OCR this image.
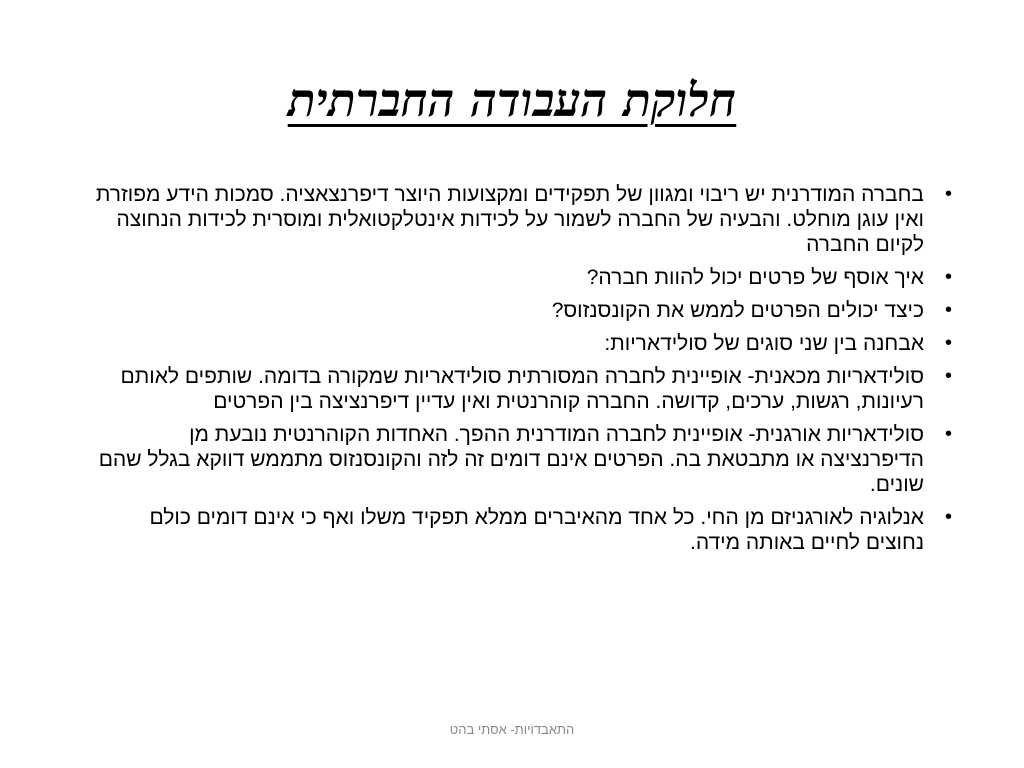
חלוקת העבודה החברתית
•
בחברה המודרנית יש ריבוי ומגוון של תפקידים ומקצועות היוצר דיפרנצאציה. סמכות הידע מפוזרת ואין עוגן מוחלט. והבעיה של החברה לשמור על לכידות אינטלקטואלית ומוסרית לכידות הנחוצה לקיום החברה
•
איך אוסף של פרטים יכול להוות חברה?
•
כיצד יכולים הפרטים לממש את הקונסנזוס?
•
אבחנה בין שני סוגים של סולידאריות:
•
סולידאריות מכאנית- אופיינית לחברה המסורתית סולידאריות שמקורה בדומה. שותפים לאותם רעיונות, רגשות, ערכים, קדושה. החברה קוהרנטית ואין עדיין דיפרנציצה בין הפרטים
•
סולידאריות אורגנית- אופיינית לחברה המודרנית ההפך. האחדות הקוהרנטית נובעת מן הדיפרנציצה או מתבטאת בה. הפרטים אינם דומים זה לזה והקונסנזוס מתממש דווקא בגלל שהם שונים.
•
אנלוגיה לאורגניזם מן החי. כל אחד מהאיברים ממלא תפקיד משלו ואף כי אינם דומים כולם נחוצים לחיים באותה מידה.
התאבדויות- אסתי בהט
